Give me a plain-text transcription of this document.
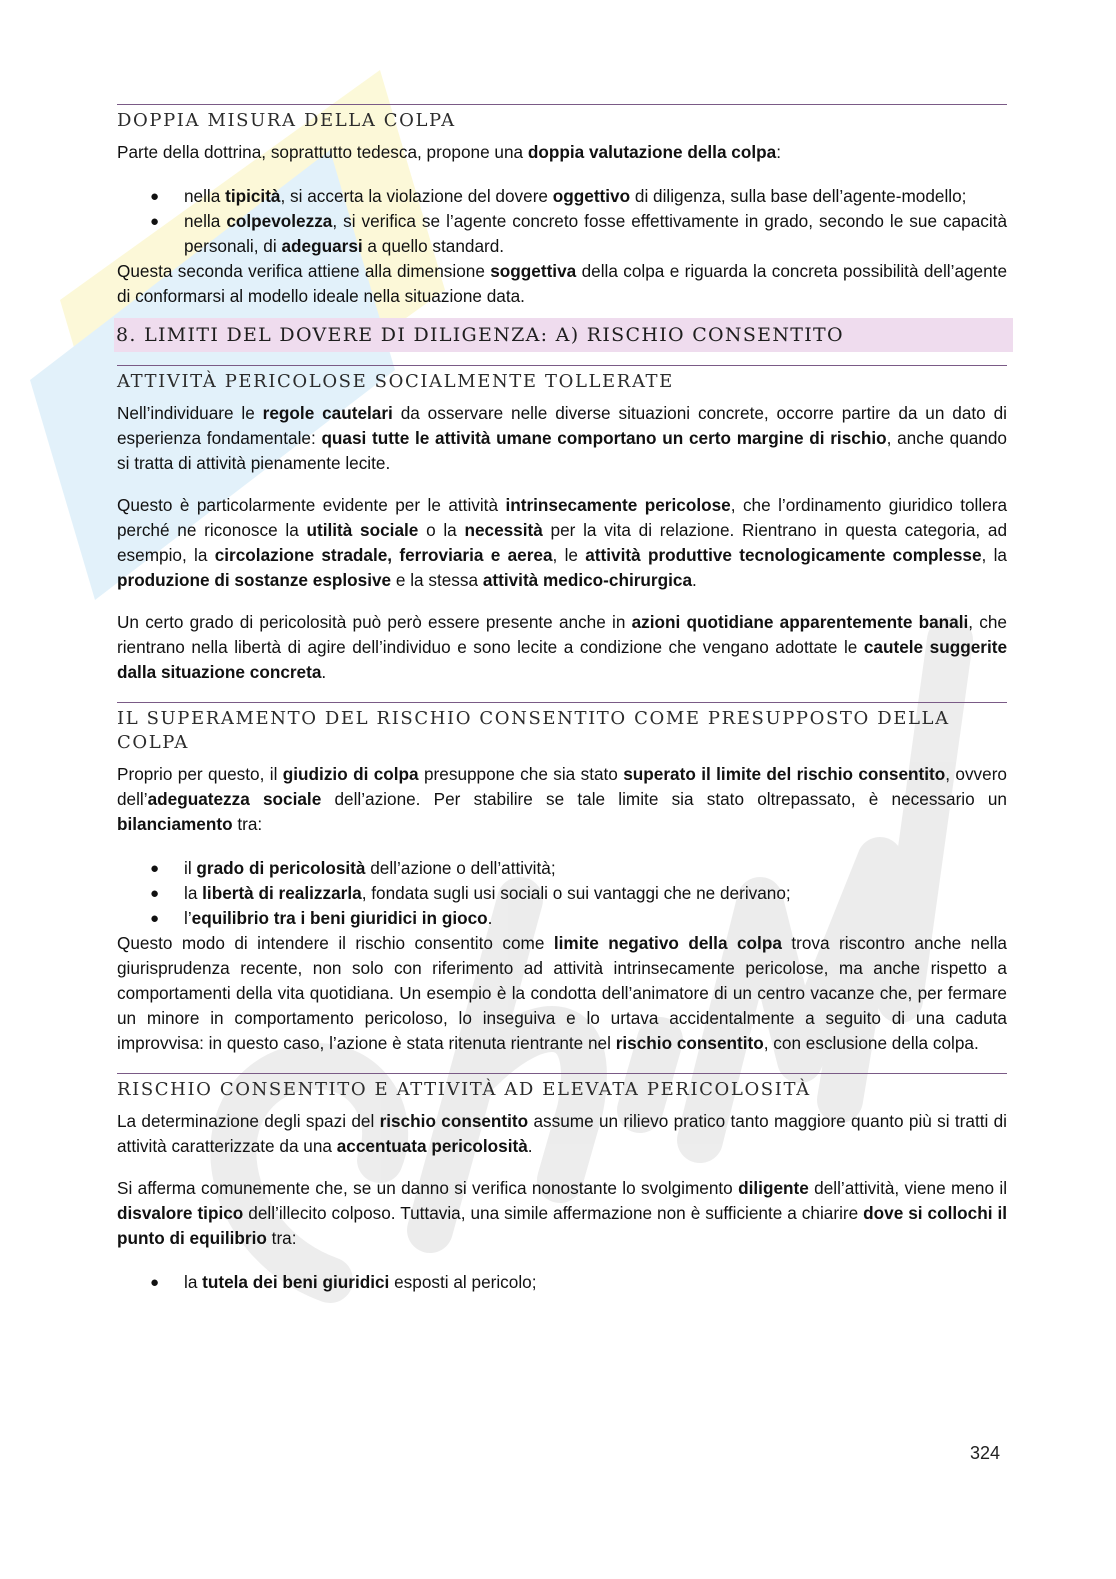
DOPPIA MISURA DELLA COLPA

Parte della dottrina, soprattutto tedesca, propone una doppia valutazione della colpa:

● nella tipicità, si accerta la violazione del dovere oggettivo di diligenza, sulla base dell’agente-modello;
● nella colpevolezza, si verifica se l’agente concreto fosse effettivamente in grado, secondo le sue capacità personali, di adeguarsi a quello standard.

Questa seconda verifica attiene alla dimensione soggettiva della colpa e riguarda la concreta possibilità dell’agente di conformarsi al modello ideale nella situazione data.

8. LIMITI DEL DOVERE DI DILIGENZA: A) RISCHIO CONSENTITO
ATTIVITÀ PERICOLOSE SOCIALMENTE TOLLERATE

Nell’individuare le regole cautelari da osservare nelle diverse situazioni concrete, occorre partire da un dato di esperienza fondamentale: quasi tutte le attività umane comportano un certo margine di rischio, anche quando si tratta di attività pienamente lecite.

Questo è particolarmente evidente per le attività intrinsecamente pericolose, che l’ordinamento giuridico tollera perché ne riconosce la utilità sociale o la necessità per la vita di relazione. Rientrano in questa categoria, ad esempio, la circolazione stradale, ferroviaria e aerea, le attività produttive tecnologicamente complesse, la produzione di sostanze esplosive e la stessa attività medico-chirurgica.

Un certo grado di pericolosità può però essere presente anche in azioni quotidiane apparentemente banali, che rientrano nella libertà di agire dell’individuo e sono lecite a condizione che vengano adottate le cautele suggerite dalla situazione concreta.

IL SUPERAMENTO DEL RISCHIO CONSENTITO COME PRESUPPOSTO DELLA COLPA

Proprio per questo, il giudizio di colpa presuppone che sia stato superato il limite del rischio consentito, ovvero dell’adeguatezza sociale dell’azione. Per stabilire se tale limite sia stato oltrepassato, è necessario un bilanciamento tra:

● il grado di pericolosità dell’azione o dell’attività;
● la libertà di realizzarla, fondata sugli usi sociali o sui vantaggi che ne derivano;
● l’equilibrio tra i beni giuridici in gioco.

Questo modo di intendere il rischio consentito come limite negativo della colpa trova riscontro anche nella giurisprudenza recente, non solo con riferimento ad attività intrinsecamente pericolose, ma anche rispetto a comportamenti della vita quotidiana. Un esempio è la condotta dell’animatore di un centro vacanze che, per fermare un minore in comportamento pericoloso, lo inseguiva e lo urtava accidentalmente a seguito di una caduta improvvisa: in questo caso, l’azione è stata ritenuta rientrante nel rischio consentito, con esclusione della colpa.

RISCHIO CONSENTITO E ATTIVITÀ AD ELEVATA PERICOLOSITÀ

La determinazione degli spazi del rischio consentito assume un rilievo pratico tanto maggiore quanto più si tratti di attività caratterizzate da una accentuata pericolosità.

Si afferma comunemente che, se un danno si verifica nonostante lo svolgimento diligente dell’attività, viene meno il disvalore tipico dell’illecito colposo. Tuttavia, una simile affermazione non è sufficiente a chiarire dove si collochi il punto di equilibrio tra:

● la tutela dei beni giuridici esposti al pericolo;
324
